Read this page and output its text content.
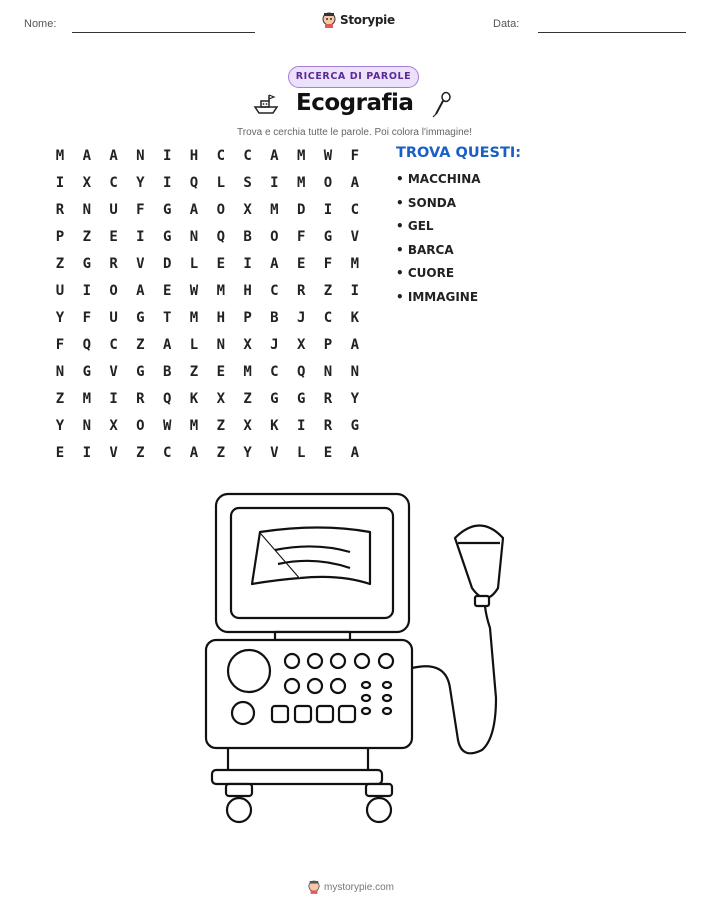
Nome:	Storypie	Data:
RICERCA DI PAROLE
Ecografia
Trova e cerchia tutte le parole. Poi colora l'immagine!
M	A	A	N	I	H	C	C	A	M	W	F
I	X	C	Y	I	Q	L	S	I	M	O	A
R	N	U	F	G	A	O	X	M	D	I	C
P	Z	E	I	G	N	Q	B	O	F	G	V
Z	G	R	V	D	L	E	I	A	E	F	M
U	I	O	A	E	W	M	H	C	R	Z	I
Y	F	U	G	T	M	H	P	B	J	C	K
F	Q	C	Z	A	L	N	X	J	X	P	A
N	G	V	G	B	Z	E	M	C	Q	N	N
Z	M	I	R	Q	K	X	Z	G	G	R	Y
Y	N	X	O	W	M	Z	X	K	I	R	G
E	I	V	Z	C	A	Z	Y	V	L	E	A
TROVA QUESTI:
• MACCHINA
• SONDA
• GEL
• BARCA
• CUORE
• IMMAGINE
mystorypie.com
